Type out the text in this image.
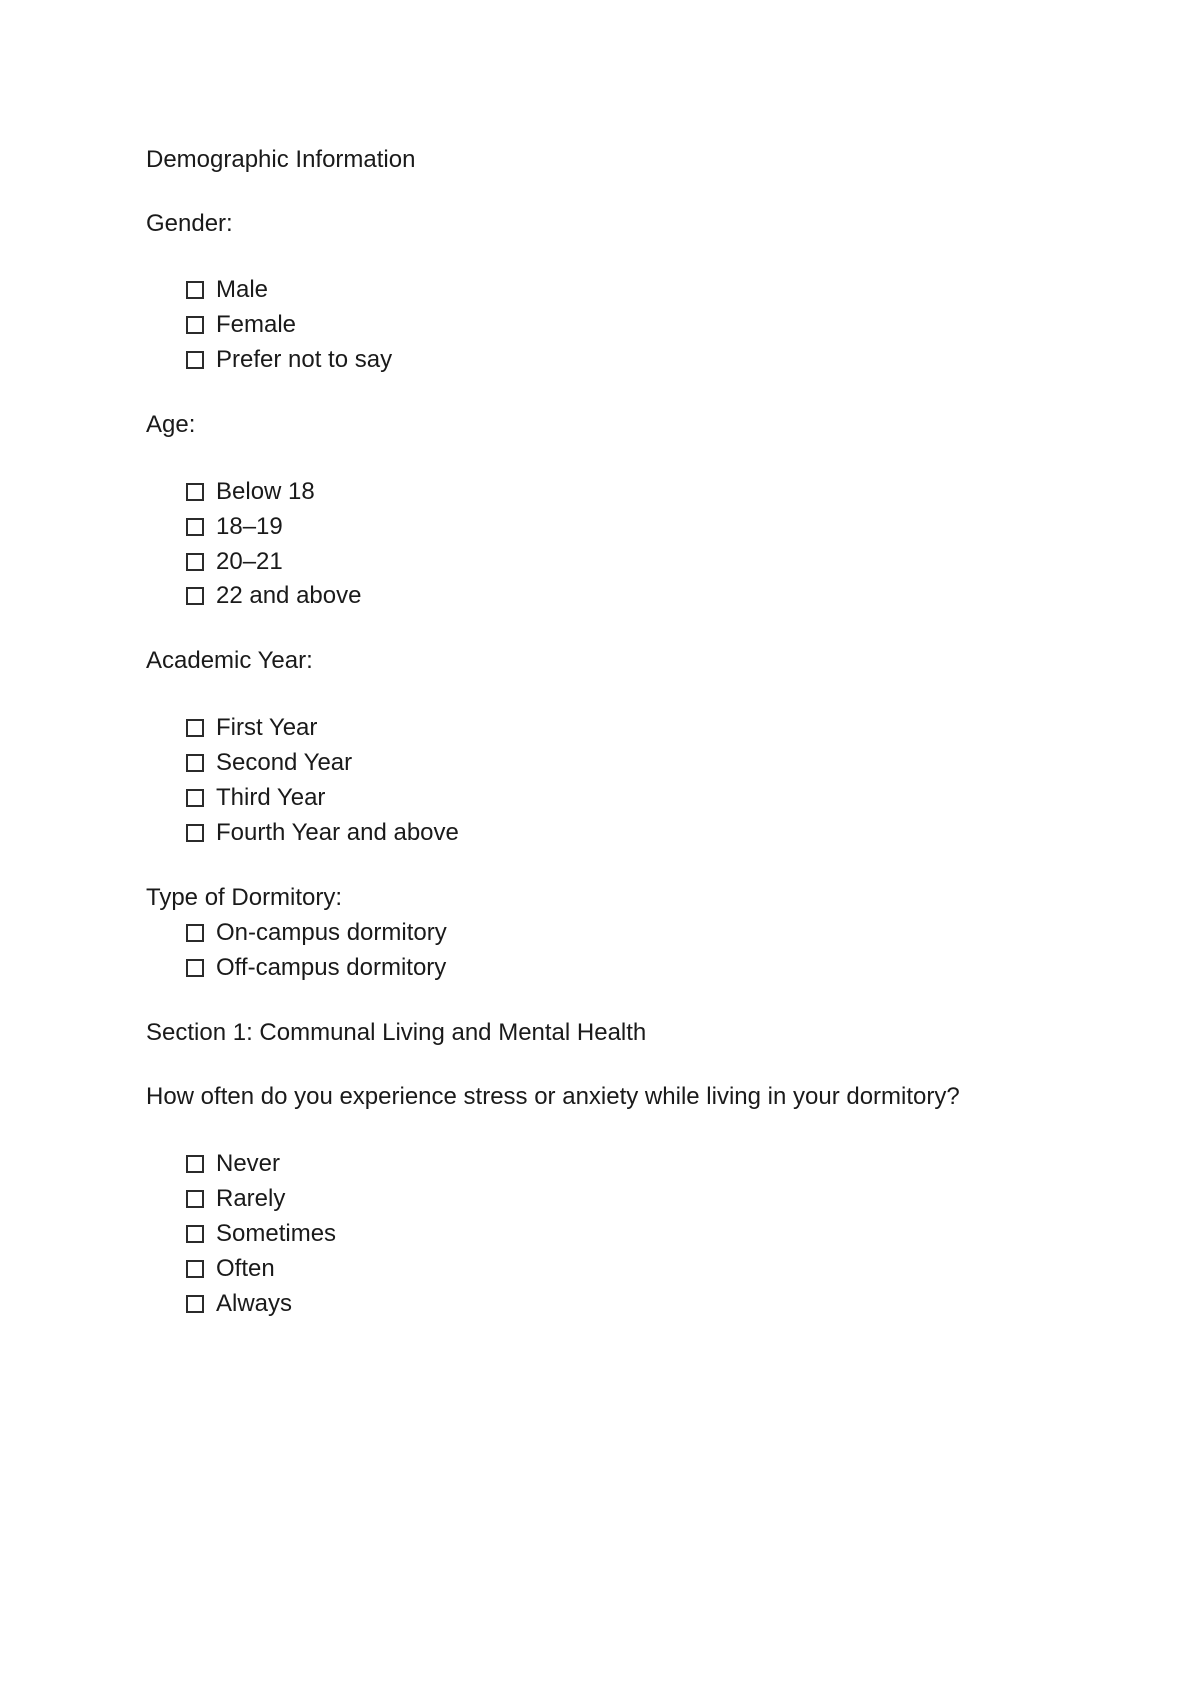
Demographic Information
Gender:
Male
Female
Prefer not to say
Age:
Below 18
18–19
20–21
22 and above
Academic Year:
First Year
Second Year
Third Year
Fourth Year and above
Type of Dormitory:
On-campus dormitory
Off-campus dormitory
Section 1: Communal Living and Mental Health
How often do you experience stress or anxiety while living in your dormitory?
Never
Rarely
Sometimes
Often
Always
